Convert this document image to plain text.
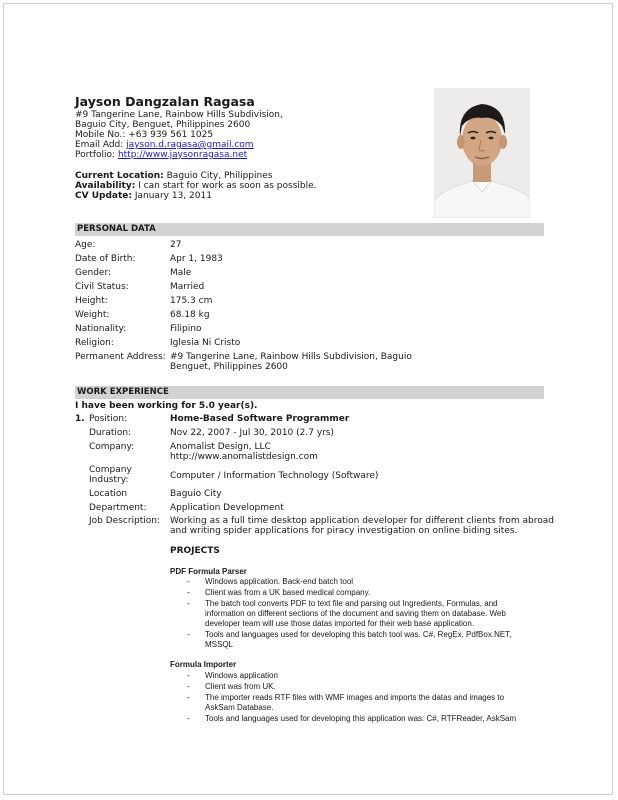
Jayson Dangzalan Ragasa
#9 Tangerine Lane, Rainbow Hills Subdivision,
Baguio City, Benguet, Philippines 2600
Mobile No.: +63 939 561 1025
Email Add: jayson.d.ragasa@gmail.com
Portfolio: http://www.jaysonragasa.net
Current Location: Baguio City, Philippines
Availability: I can start for work as soon as possible.
CV Update: January 13, 2011
PERSONAL DATA
Age:	27
Date of Birth:	Apr 1, 1983
Gender:	Male
Civil Status:	Married
Height:	175.3 cm
Weight:	68.18 kg
Nationality:	Filipino
Religion:	Iglesia Ni Cristo
Permanent Address: #9 Tangerine Lane, Rainbow Hills Subdivision, Baguio
Benguet, Philippines 2600
WORK EXPERIENCE
I have been working for 5.0 year(s).
1. Position:	Home-Based Software Programmer
Duration:	Nov 22, 2007 - Jul 30, 2010 (2.7 yrs)
Company:	Anomalist Design, LLC
http://www.anomalistdesign.com
Company
Industry:	Computer / Information Technology (Software)
Location	Baguio City
Department:	Application Development
Job Description: Working as a full time desktop application developer for different clients from abroad
and writing spider applications for piracy investigation on online biding sites.
PROJECTS
PDF Formula Parser
- Windows application. Back-end batch tool
- Client was from a UK based medical company.
- The batch tool converts PDF to text file and parsing out Ingredients, Formulas, and
information on different sections of the document and saving them on database. Web
developer team will use those datas imported for their web base application.
- Tools and languages used for developing this batch tool was. C#, RegEx, PdfBox.NET,
MSSQL
Formula Importer
- Windows application
- Client was from UK.
- The importer reads RTF files with WMF images and imports the datas and images to
AskSam Database.
- Tools and languages used for developing this application was: C#, RTFReader, AskSam
